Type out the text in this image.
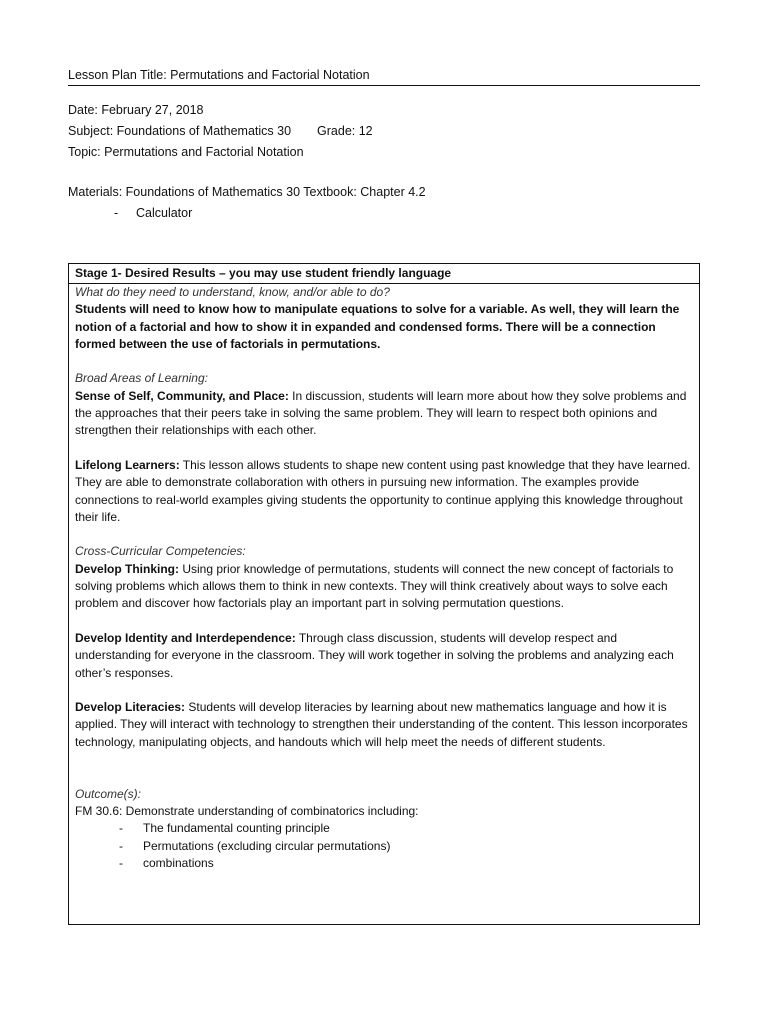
Lesson Plan Title: Permutations and Factorial Notation

Date: February 27, 2018

Subject: Foundations of Mathematics 30 Grade: 12

Topic: Permutations and Factorial Notation

Materials: Foundations of Mathematics 30 Textbook: Chapter 4.2

- Calculator

Stage 1- Desired Results – you may use student friendly language

What do they need to understand, know, and/or able to do?

Students will need to know how to manipulate equations to solve for a variable. As well, they will learn the notion of a factorial and how to show it in expanded and condensed forms. There will be a connection formed between the use of factorials in permutations.

Broad Areas of Learning:

Sense of Self, Community, and Place: In discussion, students will learn more about how they solve problems and the approaches that their peers take in solving the same problem. They will learn to respect both opinions and strengthen their relationships with each other.

Lifelong Learners: This lesson allows students to shape new content using past knowledge that they have learned. They are able to demonstrate collaboration with others in pursuing new information. The examples provide connections to real-world examples giving students the opportunity to continue applying this knowledge throughout their life.

Cross-Curricular Competencies:

Develop Thinking: Using prior knowledge of permutations, students will connect the new concept of factorials to solving problems which allows them to think in new contexts. They will think creatively about ways to solve each problem and discover how factorials play an important part in solving permutation questions.

Develop Identity and Interdependence: Through class discussion, students will develop respect and understanding for everyone in the classroom. They will work together in solving the problems and analyzing each other’s responses.

Develop Literacies: Students will develop literacies by learning about new mathematics language and how it is applied. They will interact with technology to strengthen their understanding of the content. This lesson incorporates technology, manipulating objects, and handouts which will help meet the needs of different students.

Outcome(s):

FM 30.6: Demonstrate understanding of combinatorics including:

- The fundamental counting principle
- Permutations (excluding circular permutations)
- combinations
